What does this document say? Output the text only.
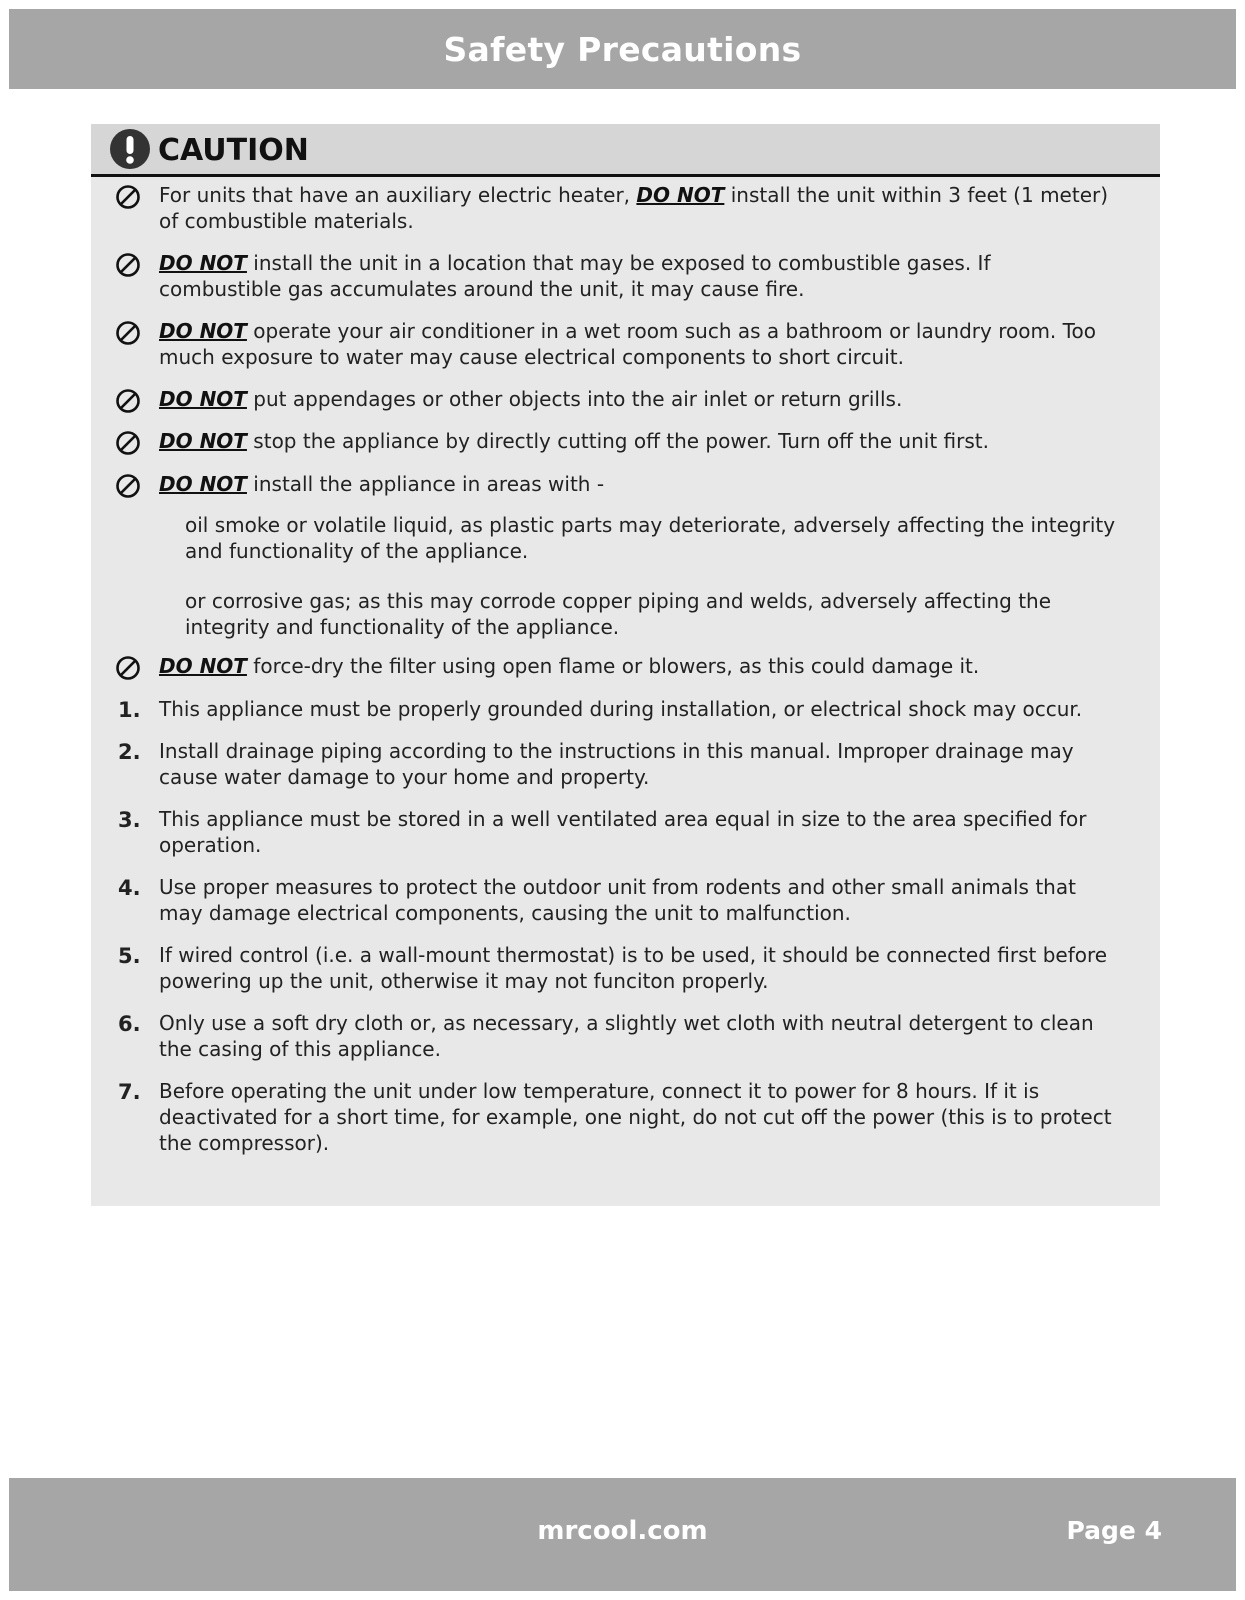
Safety Precautions
CAUTION
For units that have an auxiliary electric heater, DO NOT install the unit within 3 feet (1 meter) of combustible materials.
DO NOT install the unit in a location that may be exposed to combustible gases. If combustible gas accumulates around the unit, it may cause fire.
DO NOT operate your air conditioner in a wet room such as a bathroom or laundry room. Too much exposure to water may cause electrical components to short circuit.
DO NOT put appendages or other objects into the air inlet or return grills.
DO NOT stop the appliance by directly cutting off the power. Turn off the unit first.
DO NOT install the appliance in areas with -
oil smoke or volatile liquid, as plastic parts may deteriorate, adversely affecting the integrity and functionality of the appliance.
or corrosive gas; as this may corrode copper piping and welds, adversely affecting the integrity and functionality of the appliance.
DO NOT force-dry the filter using open flame or blowers, as this could damage it.
1. This appliance must be properly grounded during installation, or electrical shock may occur.
2. Install drainage piping according to the instructions in this manual. Improper drainage may cause water damage to your home and property.
3. This appliance must be stored in a well ventilated area equal in size to the area specified for operation.
4. Use proper measures to protect the outdoor unit from rodents and other small animals that may damage electrical components, causing the unit to malfunction.
5. If wired control (i.e. a wall-mount thermostat) is to be used, it should be connected first before powering up the unit, otherwise it may not funciton properly.
6. Only use a soft dry cloth or, as necessary, a slightly wet cloth with neutral detergent to clean the casing of this appliance.
7. Before operating the unit under low temperature, connect it to power for 8 hours. If it is deactivated for a short time, for example, one night, do not cut off the power (this is to protect the compressor).
mrcool.com	Page 4
